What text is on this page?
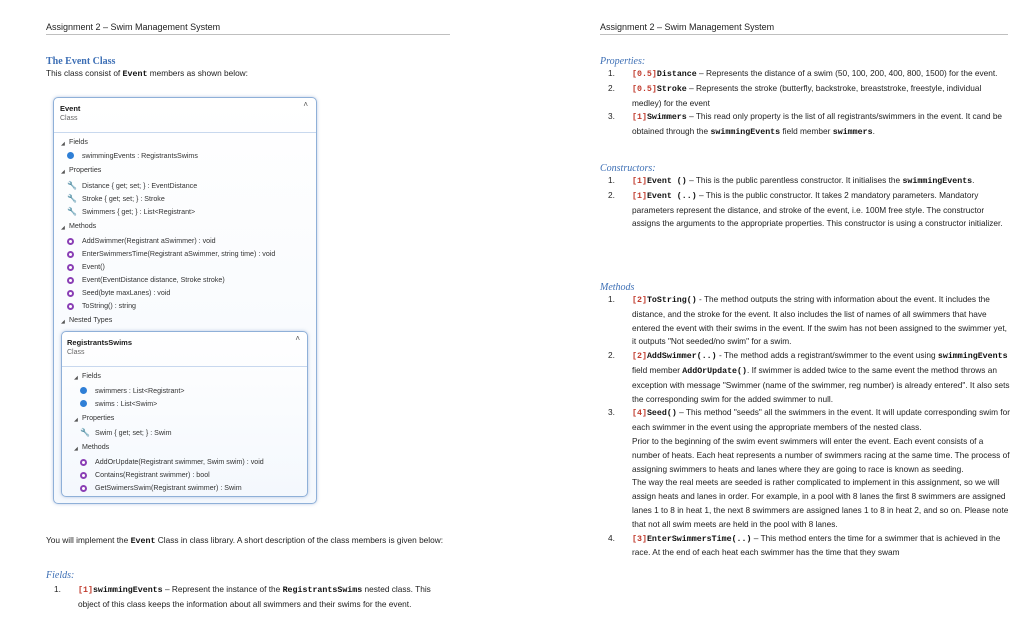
Assignment 2 – Swim Management System
The Event Class
This class consist of Event members as shown below:
Event
Class
˄
◢ Fields
swimmingEvents : RegistrantsSwims
◢ Properties
🔧 Distance { get; set; } : EventDistance
🔧 Stroke { get; set; } : Stroke
🔧 Swimmers { get; } : List<Registrant>
◢ Methods
AddSwimmer(Registrant aSwimmer) : void
EnterSwimmersTime(Registrant aSwimmer, string time) : void
Event()
Event(EventDistance distance, Stroke stroke)
Seed(byte maxLanes) : void
ToString() : string
◢ Nested Types
RegistrantsSwims
Class
˄
◢ Fields
swimmers : List<Registrant>
swims : List<Swim>
◢ Properties
🔧 Swim { get; set; } : Swim
◢ Methods
AddOrUpdate(Registrant swimmer, Swim swim) : void
Contains(Registrant swimmer) : bool
GetSwimersSwim(Registrant swimmer) : Swim
You will implement the Event Class in class library. A short description of the class members is given below:
Fields:
1. [1]swimmingEvents – Represent the instance of the RegistrantsSwims nested class. This object of this class keeps the information about all swimmers and their swims for the event.
Assignment 2 – Swim Management System
Properties:
1. [0.5]Distance – Represents the distance of a swim (50, 100, 200, 400, 800, 1500) for the event.
2. [0.5]Stroke – Represents the stroke (butterfly, backstroke, breaststroke, freestyle, individual medley) for the event
3. [1]Swimmers – This read only property is the list of all registrants/swimmers in the event. It cand be obtained through the swimmingEvents field member swimmers.
Constructors:
1. [1]Event () – This is the public parentless constructor. It initialises the swimmingEvents.
2. [1]Event (..) – This is the public constructor. It takes 2 mandatory parameters. Mandatory parameters represent the distance, and stroke of the event, i.e. 100M free style. The constructor assigns the arguments to the appropriate properties. This constructor is using a constructor initializer.
Methods
1. [2]ToString() - The method outputs the string with information about the event. It includes the distance, and the stroke for the event. It also includes the list of names of all swimmers that have entered the event with their swims in the event. If the swim has not been assigned to the swimmer yet, it outputs "Not seeded/no swim" for a swim.
2. [2]AddSwimmer(..) - The method adds a registrant/swimmer to the event using swimmingEvents field member AddOrUpdate(). If swimmer is added twice to the same event the method throws an exception with message "Swimmer (name of the swimmer, reg number) is already entered". It also sets the corresponding swim for the added swimmer to null.
3. [4]Seed() – This method "seeds" all the swimmers in the event. It will update corresponding swim for each swimmer in the event using the appropriate members of the nested class.
Prior to the beginning of the swim event swimmers will enter the event. Each event consists of a number of heats. Each heat represents a number of swimmers racing at the same time. The process of assigning swimmers to heats and lanes where they are going to race is known as seeding.
The way the real meets are seeded is rather complicated to implement in this assignment, so we will assign heats and lanes in order. For example, in a pool with 8 lanes the first 8 swimmers are assigned lanes 1 to 8 in heat 1, the next 8 swimmers are assigned lanes 1 to 8 in heat 2, and so on. Please note that not all swim meets are held in the pool with 8 lanes.
4. [3]EnterSwimmersTime(..) – This method enters the time for a swimmer that is achieved in the race. At the end of each heat each swimmer has the time that they swam
